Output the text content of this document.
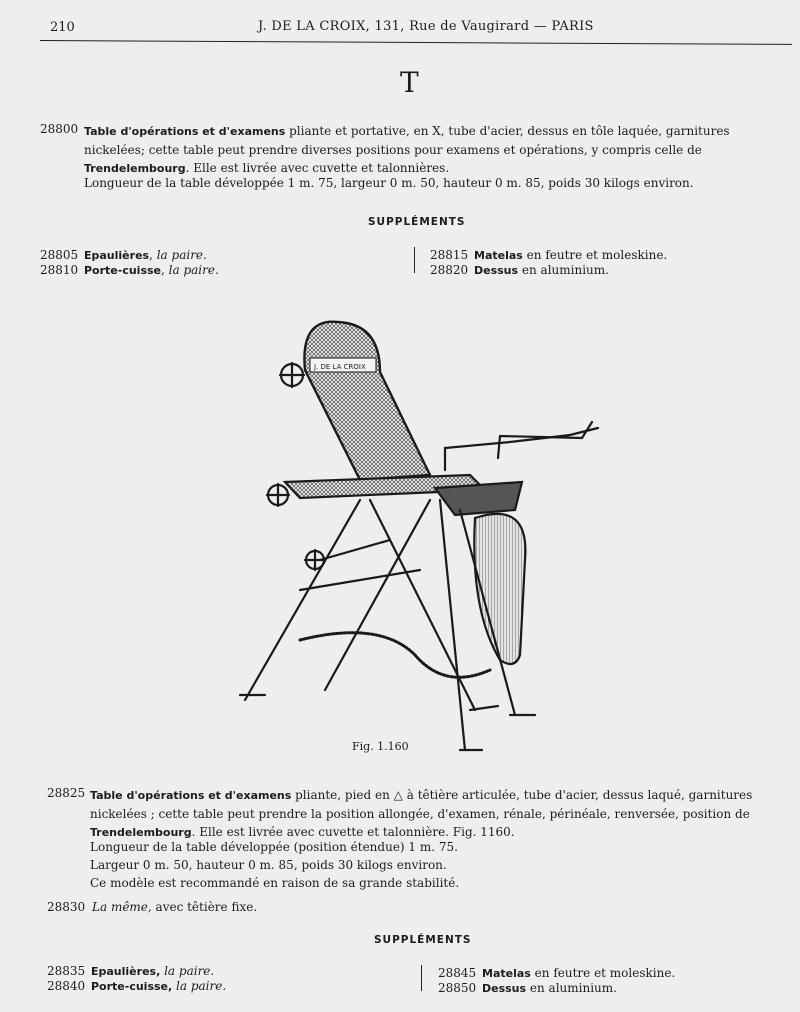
210	J. DE LA CROIX, 131, Rue de Vaugirard — PARIS
T
28800 Table d'opérations et d'examens pliante et portative, en X, tube d'acier, dessus en tôle laquée, garnitures nickelées; cette table peut prendre diverses positions pour examens et opérations, y compris celle de Trendelembourg. Elle est livrée avec cuvette et talonnières.
Longueur de la table développée 1 m. 75, largeur 0 m. 50, hauteur 0 m. 85, poids 30 kilogs environ.
SUPPLÉMENTS
28805 Epaulières, la paire.
28810 Porte-cuisse, la paire.
28815 Matelas en feutre et moleskine.
28820 Dessus en aluminium.
J. DE LA CROIX
Fig. 1.160
28825 Table d'opérations et d'examens pliante, pied en △ à têtière articulée, tube d'acier, dessus laqué, garnitures nickelées ; cette table peut prendre la position allongée, d'examen, rénale, périnéale, renversée, position de Trendelembourg. Elle est livrée avec cuvette et talonnière. Fig. 1160.
Longueur de la table développée (position étendue) 1 m. 75.
Largeur 0 m. 50, hauteur 0 m. 85, poids 30 kilogs environ.
Ce modèle est recommandé en raison de sa grande stabilité.
28830 La même, avec têtière fixe.
SUPPLÉMENTS
28835 Epaulières, la paire.
28840 Porte-cuisse, la paire.
28845 Matelas en feutre et moleskine.
28850 Dessus en aluminium.
